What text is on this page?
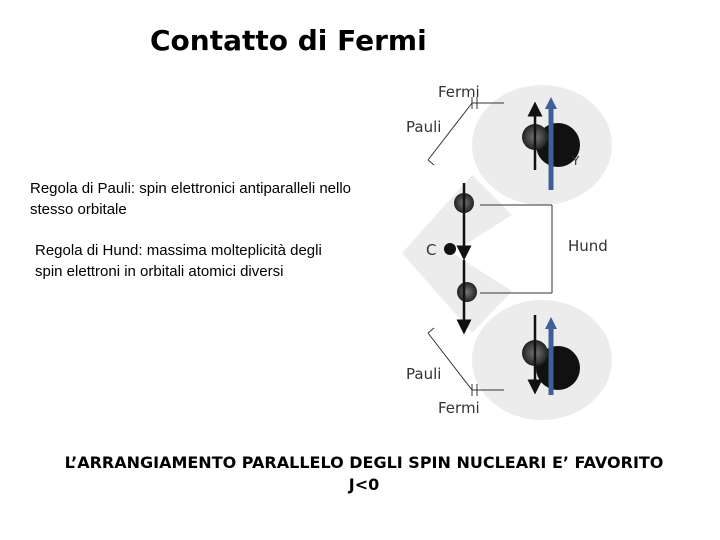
Contatto di Fermi
Regola di Pauli: spin elettronici antiparalleli nello stesso orbitale
Regola di Hund: massima molteplicità degli spin elettroni in orbitali atomici diversi
Fermi
Pauli
Y
Hund
C
Pauli
Fermi
L’ARRANGIAMENTO PARALLELO DEGLI SPIN NUCLEARI E’ FAVORITO
J<0
